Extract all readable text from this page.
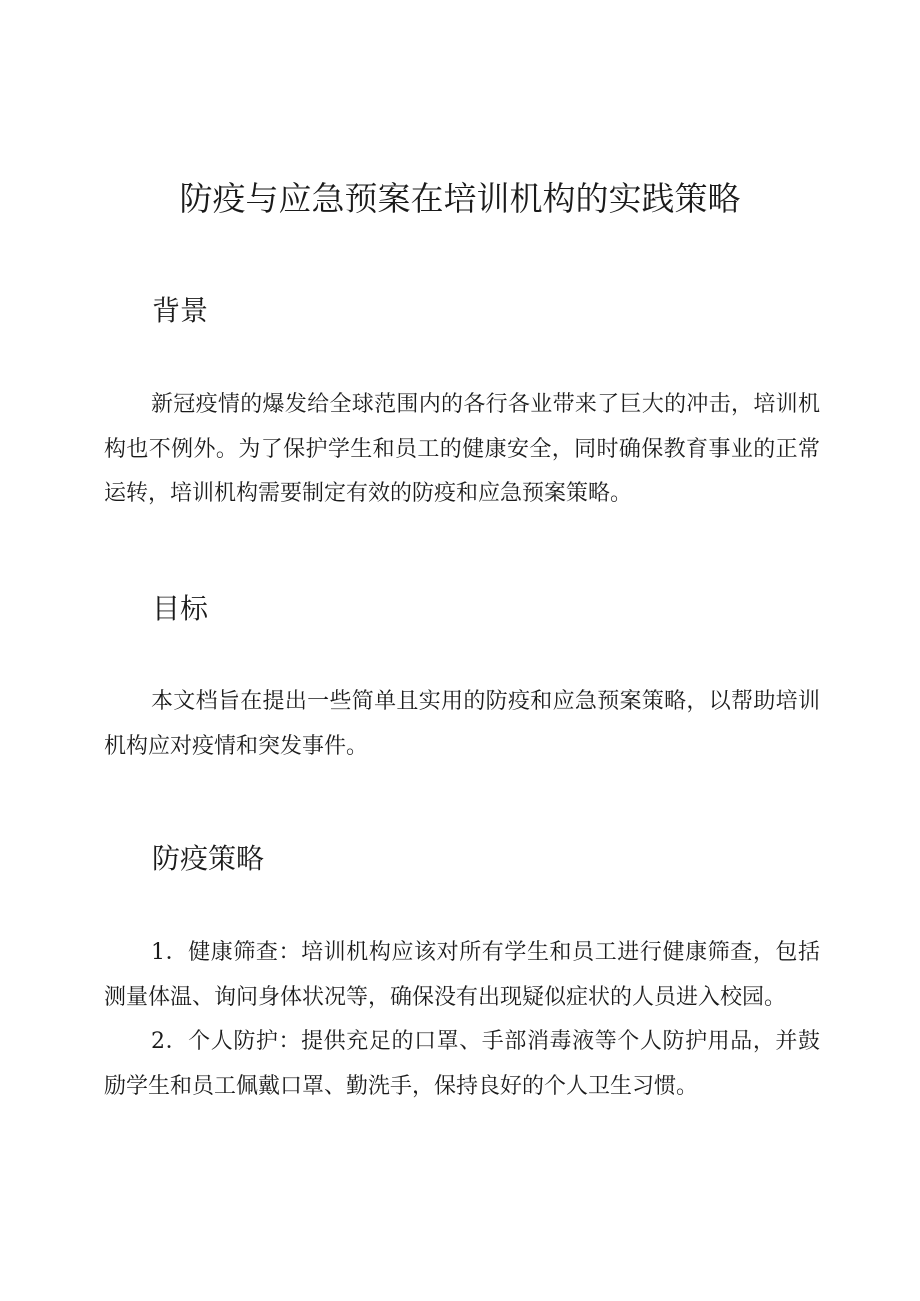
防疫与应急预案在培训机构的实践策略
背景

新冠疫情的爆发给全球范围内的各行各业带来了巨大的冲击，培训机构也不例外。为了保护学生和员工的健康安全，同时确保教育事业的正常运转，培训机构需要制定有效的防疫和应急预案策略。

目标

本文档旨在提出一些简单且实用的防疫和应急预案策略，以帮助培训机构应对疫情和突发事件。

防疫策略

1．健康筛查：培训机构应该对所有学生和员工进行健康筛查，包括测量体温、询问身体状况等，确保没有出现疑似症状的人员进入校园。

2．个人防护：提供充足的口罩、手部消毒液等个人防护用品，并鼓励学生和员工佩戴口罩、勤洗手，保持良好的个人卫生习惯。
